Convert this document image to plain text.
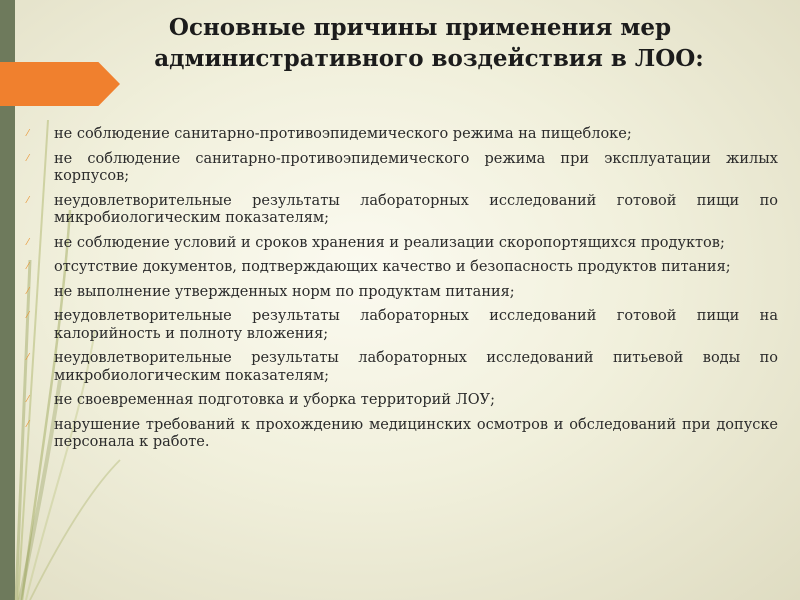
Основные причины применения мер
административного воздействия в ЛОО:
⁄ не соблюдение санитарно-противоэпидемического режима на пищеблоке;
⁄ не соблюдение санитарно-противоэпидемического режима при эксплуатации жилых корпусов;
⁄ неудовлетворительные результаты лабораторных исследований готовой пищи по микробиологическим показателям;
⁄ не соблюдение условий и сроков хранения и реализации скоропортящихся продуктов;
⁄ отсутствие документов, подтверждающих качество и безопасность продуктов питания;
⁄ не выполнение утвержденных норм по продуктам питания;
⁄ неудовлетворительные результаты лабораторных исследований готовой пищи на калорийность и полноту вложения;
⁄ неудовлетворительные результаты лабораторных исследований питьевой воды по микробиологическим показателям;
⁄ не своевременная подготовка и уборка территорий ЛОУ;
⁄ нарушение требований к прохождению медицинских осмотров и обследований при допуске персонала к работе.
